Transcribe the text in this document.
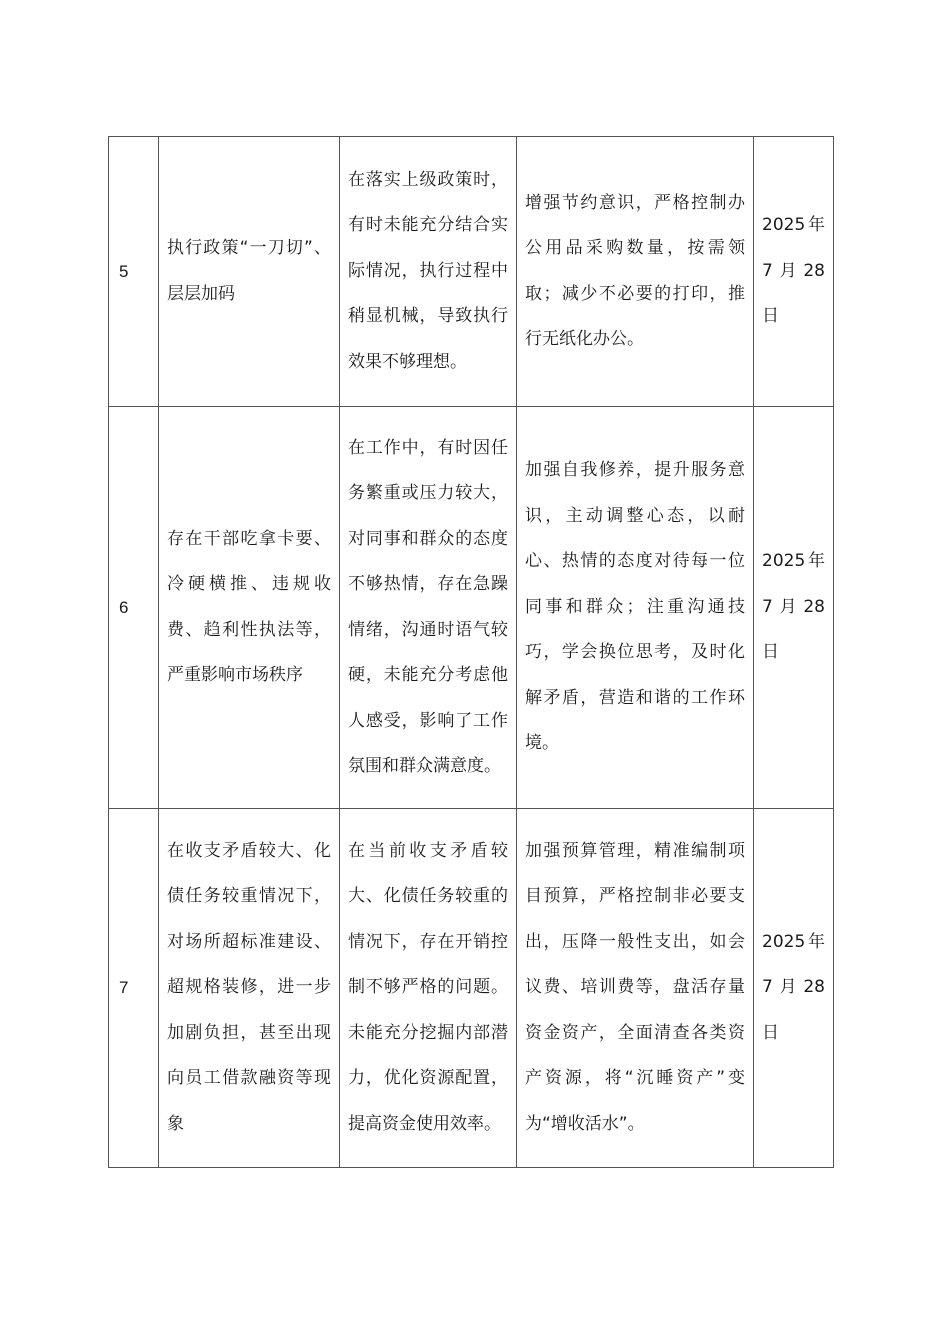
5	执行政策“一刀切”、层层加码	在落实上级政策时，有时未能充分结合实际情况，执行过程中稍显机械，导致执行效果不够理想。	增强节约意识，严格控制办公用品采购数量，按需领取；减少不必要的打印，推行无纸化办公。	2025年7月28日

6	存在干部吃拿卡要、冷硬横推、违规收费、趋利性执法等，严重影响市场秩序	在工作中，有时因任务繁重或压力较大，对同事和群众的态度不够热情，存在急躁情绪，沟通时语气较硬，未能充分考虑他人感受，影响了工作氛围和群众满意度。	加强自我修养，提升服务意识，主动调整心态，以耐心、热情的态度对待每一位同事和群众；注重沟通技巧，学会换位思考，及时化解矛盾，营造和谐的工作环境。	2025年7月28日

7	在收支矛盾较大、化债任务较重情况下，对场所超标准建设、超规格装修，进一步加剧负担，甚至出现向员工借款融资等现象	在当前收支矛盾较大、化债任务较重的情况下，存在开销控制不够严格的问题。未能充分挖掘内部潜力，优化资源配置，提高资金使用效率。	加强预算管理，精准编制项目预算，严格控制非必要支出，压降一般性支出，如会议费、培训费等，盘活存量资金资产，全面清查各类资产资源，将“沉睡资产”变为“增收活水”。	2025年7月28日
